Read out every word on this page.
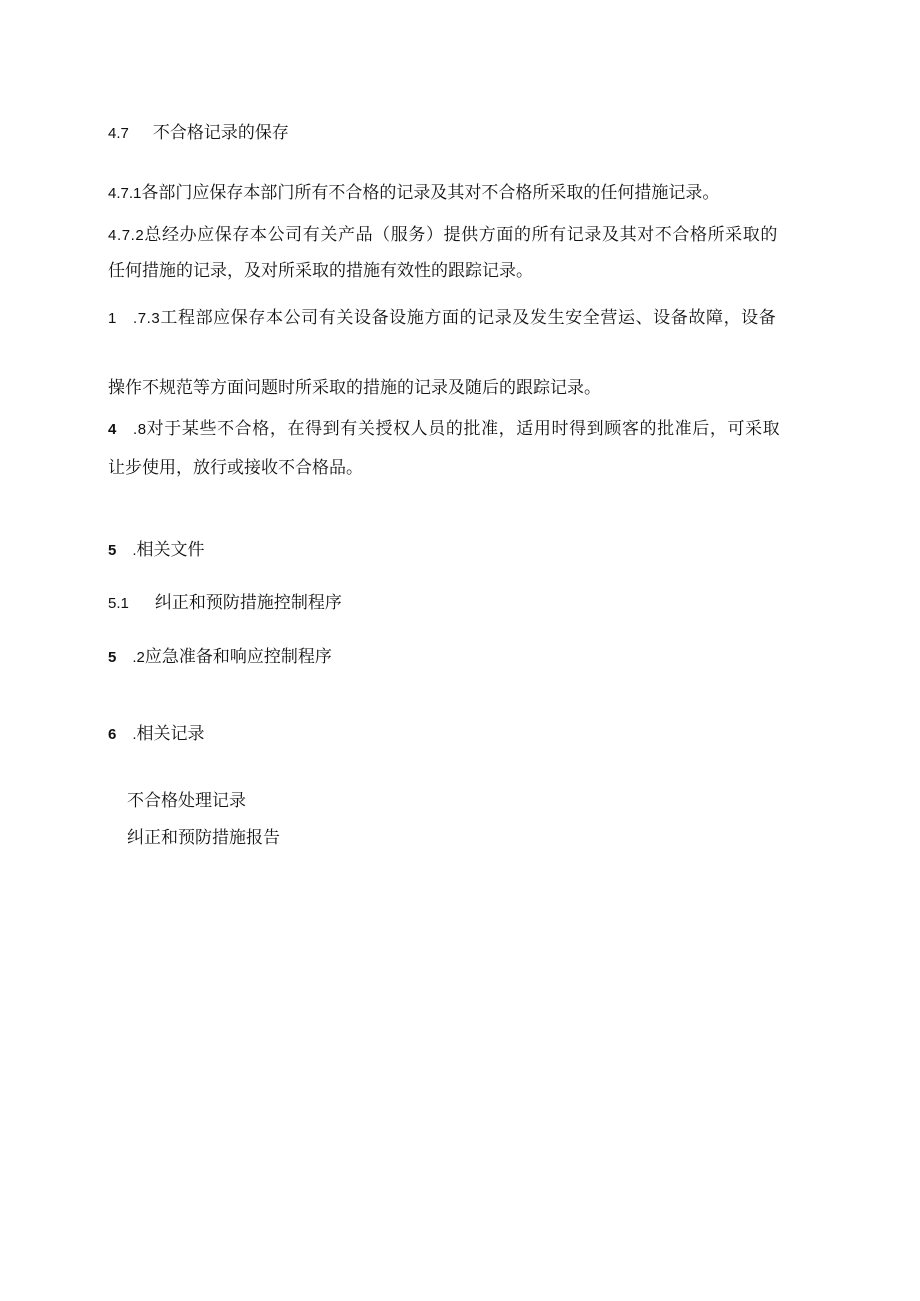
4.7 不合格记录的保存
4.7.1各部门应保存本部门所有不合格的记录及其对不合格所采取的任何措施记录。
4.7.2总经办应保存本公司有关产品（服务）提供方面的所有记录及其对不合格所采取的
任何措施的记录，及对所采取的措施有效性的跟踪记录。
1 .7.3工程部应保存本公司有关设备设施方面的记录及发生安全营运、设备故障，设备
操作不规范等方面问题时所采取的措施的记录及随后的跟踪记录。
4 .8对于某些不合格，在得到有关授权人员的批准，适用时得到顾客的批准后，可采取
让步使用，放行或接收不合格品。
5 .相关文件
5.1 纠正和预防措施控制程序
5 .2应急准备和响应控制程序
6 .相关记录
不合格处理记录
纠正和预防措施报告
